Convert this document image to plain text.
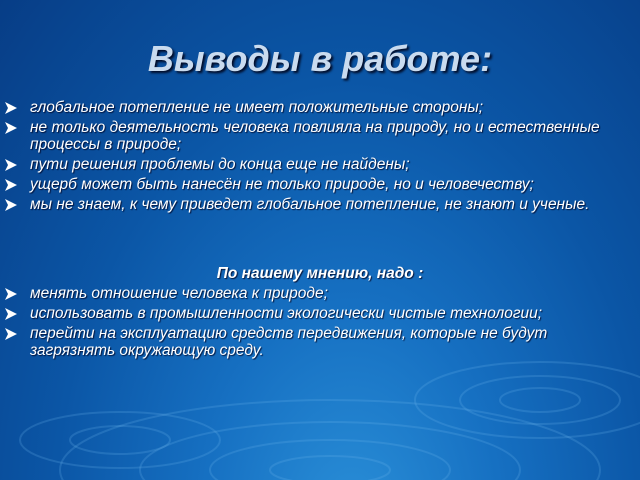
Выводы в работе:
глобальное потепление не имеет положительные стороны;
не только деятельность человека повлияла на природу, но и естественные процессы в природе;
пути решения проблемы до конца еще не найдены;
ущерб может быть нанесён не только природе, но и человечеству;
мы не знаем, к чему приведет глобальное потепление, не знают и ученые.
По нашему мнению, надо :
менять отношение человека к природе;
использовать в промышленности экологически чистые технологии;
перейти на эксплуатацию средств передвижения, которые не будут загрязнять окружающую среду.
